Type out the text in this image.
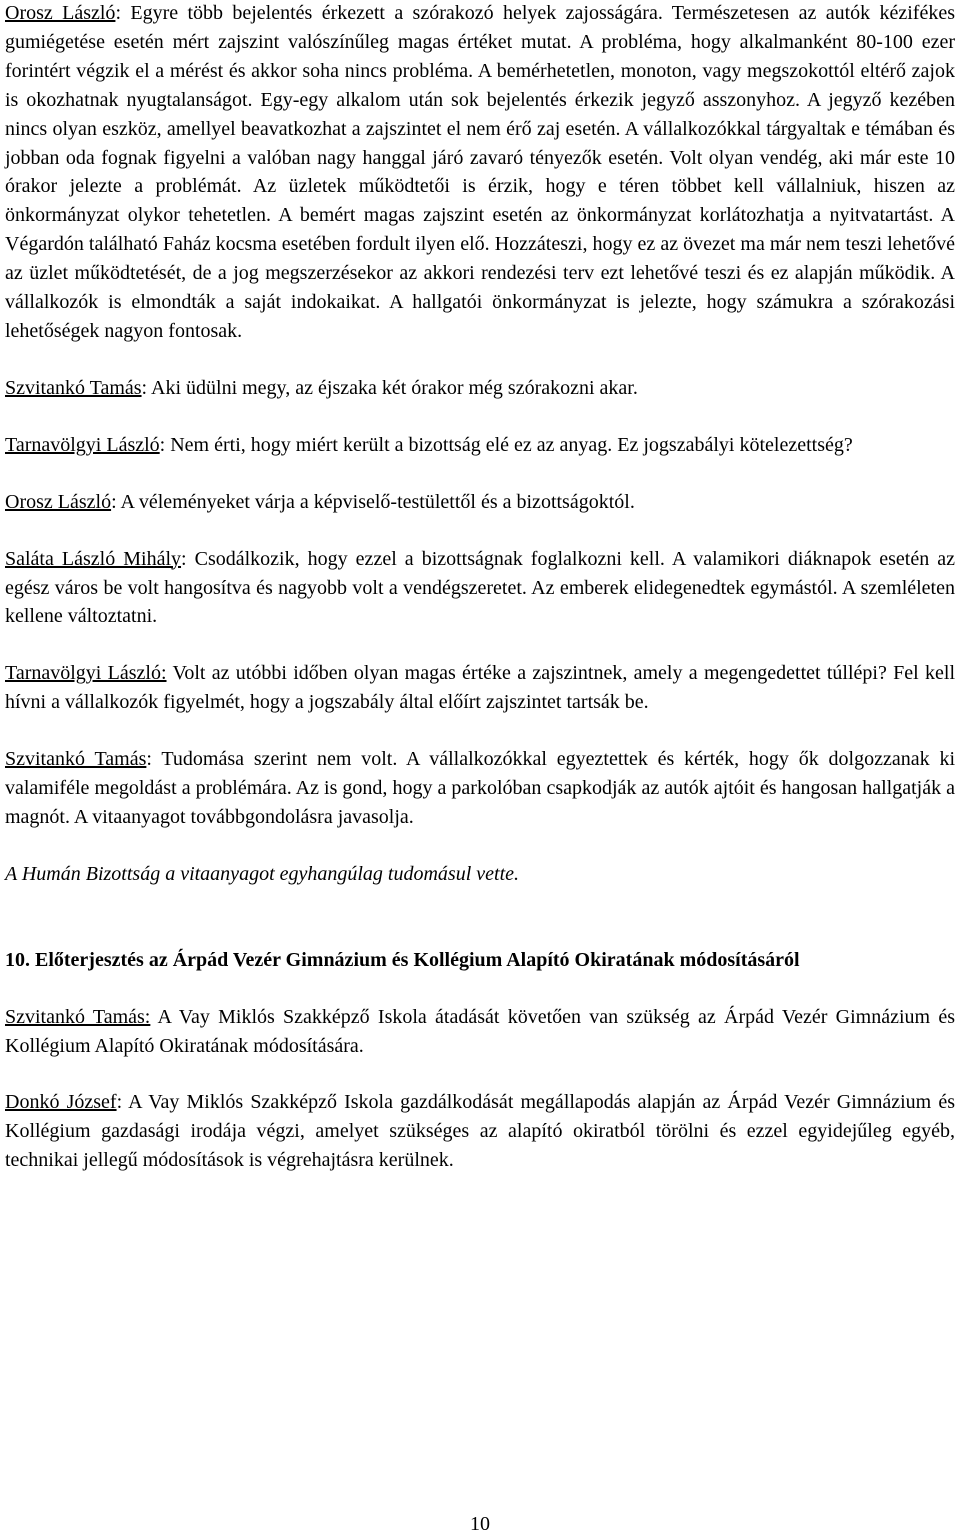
Orosz László: Egyre több bejelentés érkezett a szórakozó helyek zajosságára. Természetesen az autók kézifékes gumiégetése esetén mért zajszint valószínűleg magas értéket mutat. A probléma, hogy alkalmanként 80-100 ezer forintért végzik el a mérést és akkor soha nincs probléma. A bemérhetetlen, monoton, vagy megszokottól eltérő zajok is okozhatnak nyugtalanságot. Egy-egy alkalom után sok bejelentés érkezik jegyző asszonyhoz. A jegyző kezében nincs olyan eszköz, amellyel beavatkozhat a zajszintet el nem érő zaj esetén. A vállalkozókkal tárgyaltak e témában és jobban oda fognak figyelni a valóban nagy hanggal járó zavaró tényezők esetén. Volt olyan vendég, aki már este 10 órakor jelezte a problémát. Az üzletek működtetői is érzik, hogy e téren többet kell vállalniuk, hiszen az önkormányzat olykor tehetetlen. A bemért magas zajszint esetén az önkormányzat korlátozhatja a nyitvatartást. A Végardón található Faház kocsma esetében fordult ilyen elő. Hozzáteszi, hogy ez az övezet ma már nem teszi lehetővé az üzlet működtetését, de a jog megszerzésekor az akkori rendezési terv ezt lehetővé teszi és ez alapján működik. A vállalkozók is elmondták a saját indokaikat. A hallgatói önkormányzat is jelezte, hogy számukra a szórakozási lehetőségek nagyon fontosak.

Szvitankó Tamás: Aki üdülni megy, az éjszaka két órakor még szórakozni akar.

Tarnavölgyi László: Nem érti, hogy miért került a bizottság elé ez az anyag. Ez jogszabályi kötelezettség?

Orosz László: A véleményeket várja a képviselő-testülettől és a bizottságoktól.

Saláta László Mihály: Csodálkozik, hogy ezzel a bizottságnak foglalkozni kell. A valamikori diáknapok esetén az egész város be volt hangosítva és nagyobb volt a vendégszeretet. Az emberek elidegenedtek egymástól. A szemléleten kellene változtatni.

Tarnavölgyi László: Volt az utóbbi időben olyan magas értéke a zajszintnek, amely a megengedettet túllépi? Fel kell hívni a vállalkozók figyelmét, hogy a jogszabály által előírt zajszintet tartsák be.

Szvitankó Tamás: Tudomása szerint nem volt. A vállalkozókkal egyeztettek és kérték, hogy ők dolgozzanak ki valamiféle megoldást a problémára. Az is gond, hogy a parkolóban csapkodják az autók ajtóit és hangosan hallgatják a magnót. A vitaanyagot továbbgondolásra javasolja.

A Humán Bizottság a vitaanyagot egyhangúlag tudomásul vette.

10. Előterjesztés az Árpád Vezér Gimnázium és Kollégium Alapító Okiratának módosításáról

Szvitankó Tamás: A Vay Miklós Szakképző Iskola átadását követően van szükség az Árpád Vezér Gimnázium és Kollégium Alapító Okiratának módosítására.

Donkó József: A Vay Miklós Szakképző Iskola gazdálkodását megállapodás alapján az Árpád Vezér Gimnázium és Kollégium gazdasági irodája végzi, amelyet szükséges az alapító okiratból törölni és ezzel egyidejűleg egyéb, technikai jellegű módosítások is végrehajtásra kerülnek.

10
